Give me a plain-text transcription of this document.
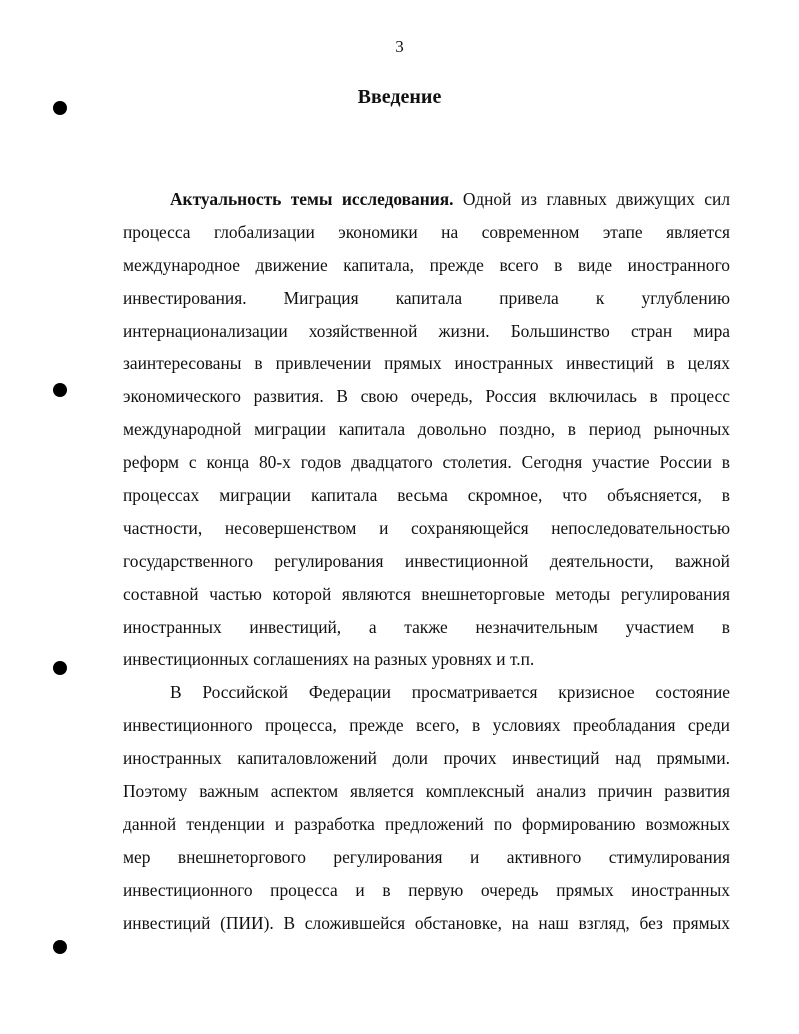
3
Введение
Актуальность темы исследования. Одной из главных движущих сил
процесса глобализации экономики на современном этапе является
международное движение капитала, прежде всего в виде иностранного
инвестирования. Миграция капитала привела к углублению
интернационализации хозяйственной жизни. Большинство стран мира
заинтересованы в привлечении прямых иностранных инвестиций в целях
экономического развития. В свою очередь, Россия включилась в процесс
международной миграции капитала довольно поздно, в период рыночных
реформ с конца 80-х годов двадцатого столетия. Сегодня участие России в
процессах миграции капитала весьма скромное, что объясняется, в
частности, несовершенством и сохраняющейся непоследовательностью
государственного регулирования инвестиционной деятельности, важной
составной частью которой являются внешнеторговые методы регулирования
иностранных инвестиций, а также незначительным участием в
инвестиционных соглашениях на разных уровнях и т.п.
В Российской Федерации просматривается кризисное состояние
инвестиционного процесса, прежде всего, в условиях преобладания среди
иностранных капиталовложений доли прочих инвестиций над прямыми.
Поэтому важным аспектом является комплексный анализ причин развития
данной тенденции и разработка предложений по формированию возможных
мер внешнеторгового регулирования и активного стимулирования
инвестиционного процесса и в первую очередь прямых иностранных
инвестиций (ПИИ). В сложившейся обстановке, на наш взгляд, без прямых
